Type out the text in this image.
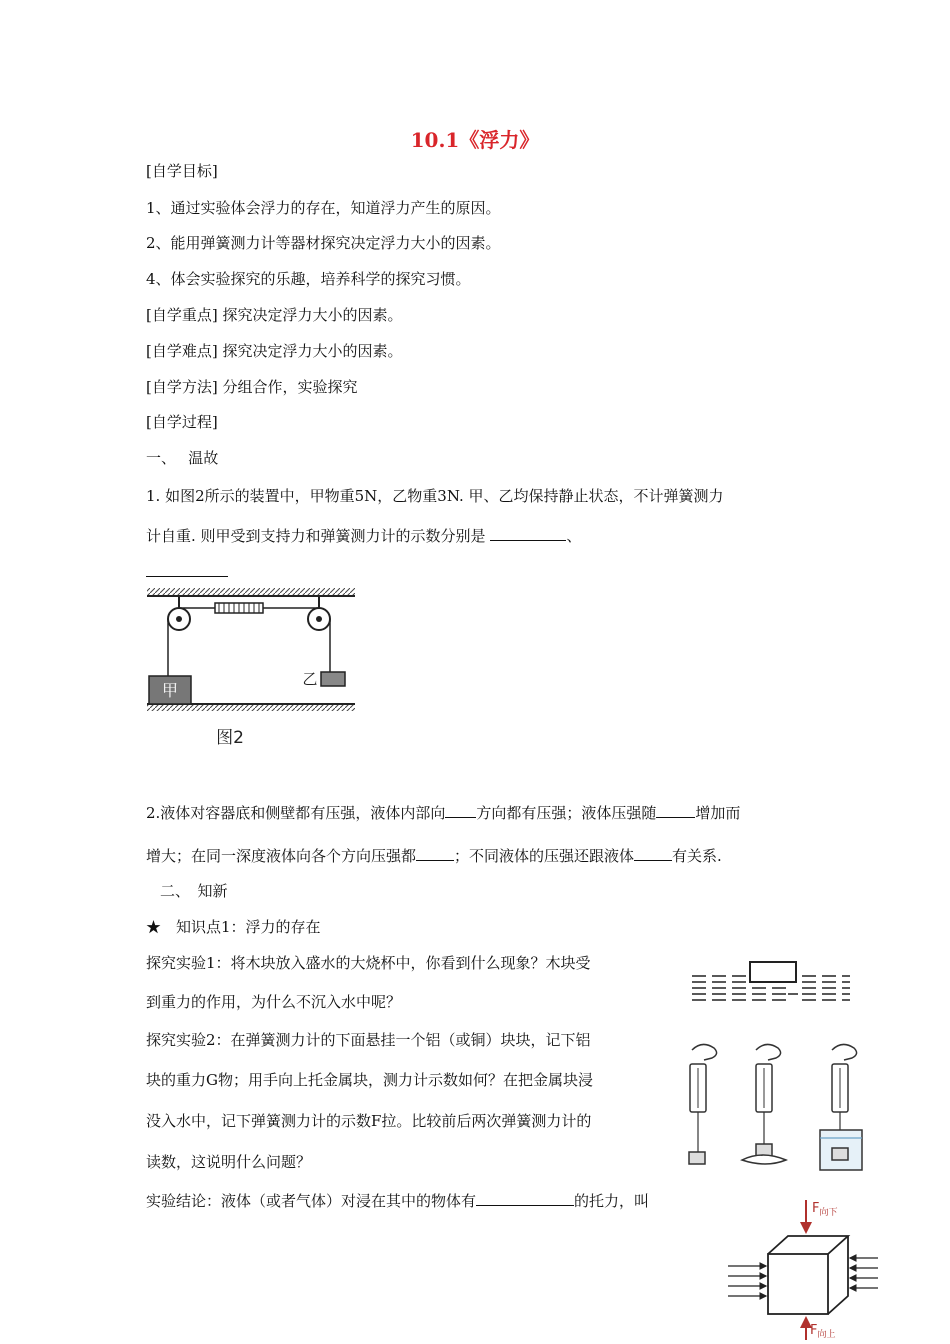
10.1《浮力》
[自学目标]
1、通过实验体会浮力的存在，知道浮力产生的原因。
2、能用弹簧测力计等器材探究决定浮力大小的因素。
4、体会实验探究的乐趣，培养科学的探究习惯。
[自学重点] 探究决定浮力大小的因素。
[自学难点] 探究决定浮力大小的因素。
[自学方法] 分组合作，实验探究
[自学过程]
一、　 温故
1. 如图2所示的装置中，甲物重5N，乙物重3N. 甲、乙均保持静止状态，不计弹簧测力
计自重. 则甲受到支持力和弹簧测力计的示数分别是	、
甲
乙
图2
2.液体对容器底和侧壁都有压强，液体内部向 方向都有压强；液体压强随	增加而
增大；在同一深度液体向各个方向压强都	；不同液体的压强还跟液体	有关系.
二、　知新
★　知识点1：浮力的存在
探究实验1：将木块放入盛水的大烧杯中，你看到什么现象？木块受
到重力的作用，为什么不沉入水中呢？
探究实验2：在弹簧测力计的下面悬挂一个铝（或铜）块块，记下铝
块的重力G物；用手向上托金属块，测力计示数如何？在把金属块浸
没入水中，记下弹簧测力计的示数F拉。比较前后两次弹簧测力计的
读数，这说明什么问题？
实验结论：液体（或者气体）对浸在其中的物体有	的托力，叫	$F_{向下}$
$F_{向上}$
